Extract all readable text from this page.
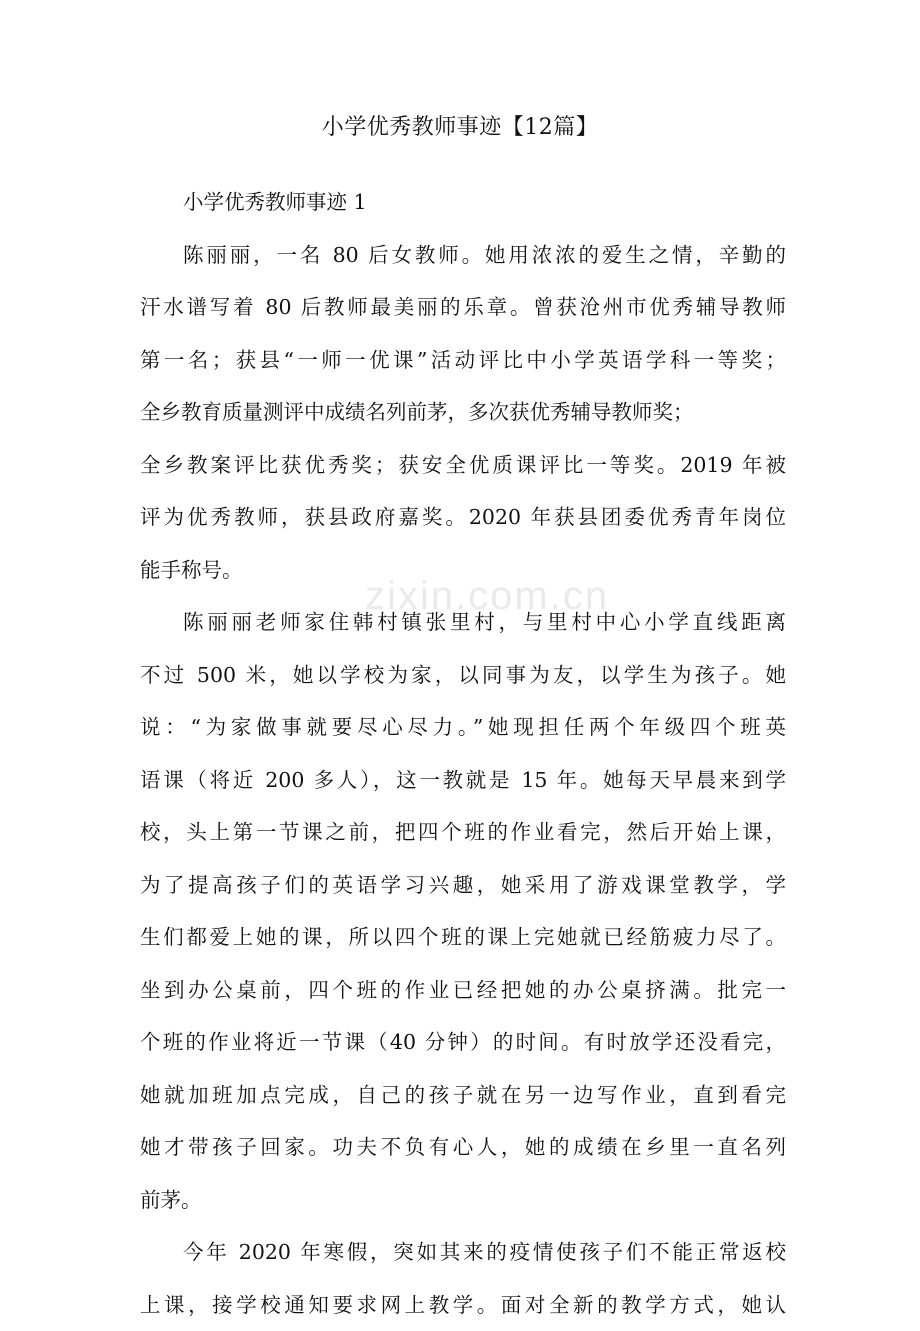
小学优秀教师事迹【12篇】
zixin.com.cn
小学优秀教师事迹 1
陈丽丽，一名 80 后女教师。她用浓浓的爱生之情，辛勤的
汗水谱写着 80 后教师最美丽的乐章。曾获沧州市优秀辅导教师
第一名；获县“一师一优课”活动评比中小学英语学科一等奖；
全乡教育质量测评中成绩名列前茅，多次获优秀辅导教师奖；
全乡教案评比获优秀奖；获安全优质课评比一等奖。2019 年被
评为优秀教师，获县政府嘉奖。2020 年获县团委优秀青年岗位
能手称号。
陈丽丽老师家住韩村镇张里村，与里村中心小学直线距离
不过 500 米，她以学校为家，以同事为友，以学生为孩子。她
说：“为家做事就要尽心尽力。”她现担任两个年级四个班英
语课（将近 200 多人），这一教就是 15 年。她每天早晨来到学
校，头上第一节课之前，把四个班的作业看完，然后开始上课，
为了提高孩子们的英语学习兴趣，她采用了游戏课堂教学，学
生们都爱上她的课，所以四个班的课上完她就已经筋疲力尽了。
坐到办公桌前，四个班的作业已经把她的办公桌挤满。批完一
个班的作业将近一节课（40 分钟）的时间。有时放学还没看完，
她就加班加点完成，自己的孩子就在另一边写作业，直到看完
她才带孩子回家。功夫不负有心人，她的成绩在乡里一直名列
前茅。
今年 2020 年寒假，突如其来的疫情使孩子们不能正常返校
上课，接学校通知要求网上教学。面对全新的教学方式，她认
